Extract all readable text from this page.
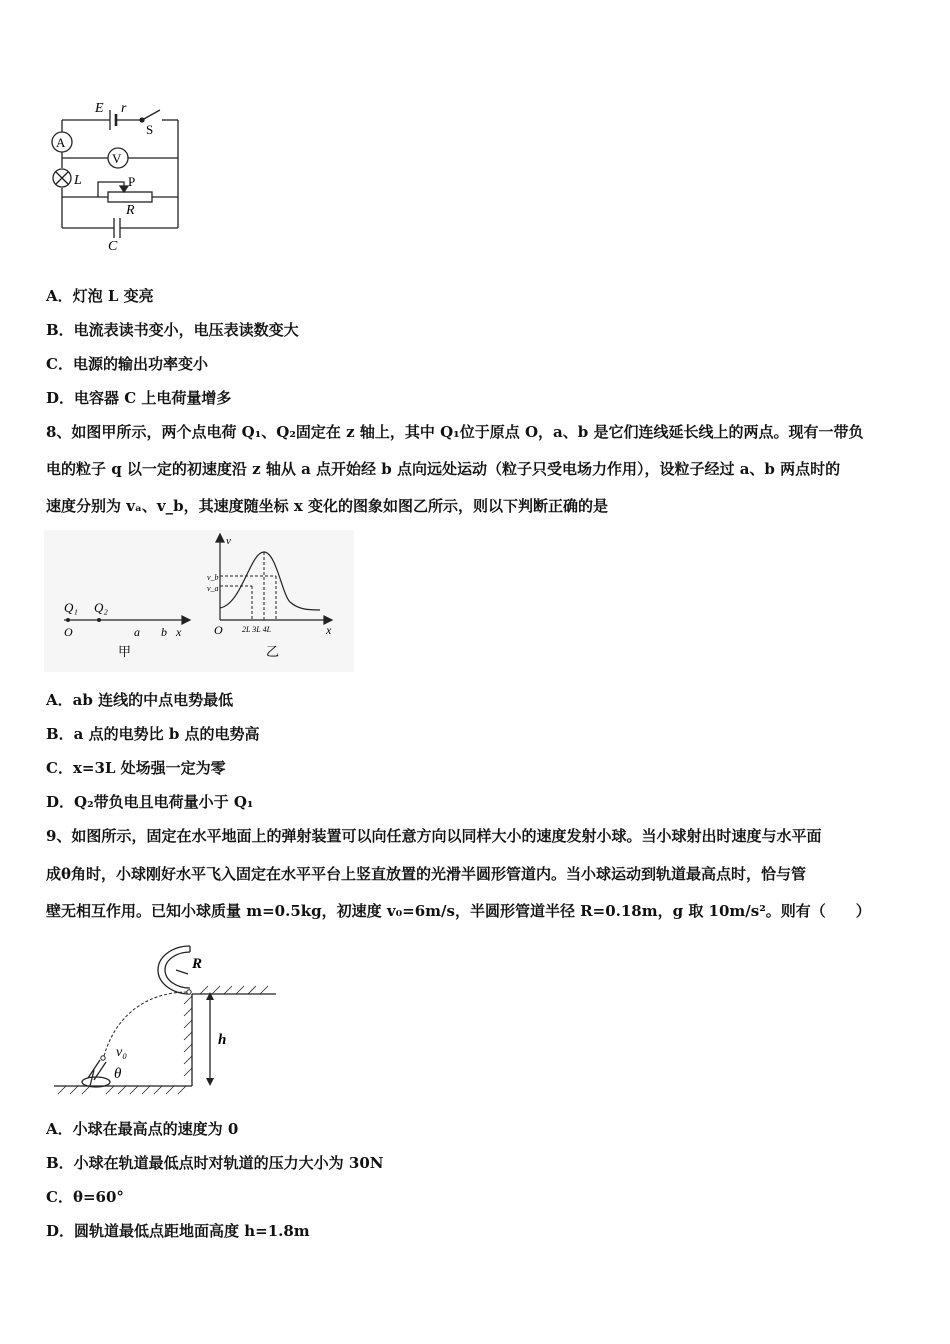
E r
S
A
V
L	P
R
C
A．灯泡 L 变亮
B．电流表读书变小，电压表读数变大
C．电源的输出功率变小
D．电容器 C 上电荷量增多
8、如图甲所示，两个点电荷 Q₁、Q₂固定在 z 轴上，其中 Q₁位于原点 O，a、b 是它们连线延长线上的两点。现有一带负
电的粒子 q 以一定的初速度沿 z 轴从 a 点开始经 b 点向远处运动（粒子只受电场力作用），设粒子经过 a、b 两点时的
速度分别为 vₐ、v_b，其速度随坐标 x 变化的图象如图乙所示，则以下判断正确的是
Q₁ Q₂
O	a b x
甲
v
v_b
v_a
O 2L 3L 4L	x
乙
A．ab 连线的中点电势最低
B．a 点的电势比 b 点的电势高
C．x=3L 处场强一定为零
D．Q₂带负电且电荷量小于 Q₁
9、如图所示，固定在水平地面上的弹射装置可以向任意方向以同样大小的速度发射小球。当小球射出时速度与水平面
成θ角时，小球刚好水平飞入固定在水平平台上竖直放置的光滑半圆形管道内。当小球运动到轨道最高点时，恰与管
壁无相互作用。已知小球质量 m=0.5kg，初速度 v₀=6m/s，半圆形管道半径 R=0.18m，g 取 10m/s²。则有（　　）
R
h
v₀
θ
A．小球在最高点的速度为 0
B．小球在轨道最低点时对轨道的压力大小为 30N
C．θ=60°
D．圆轨道最低点距地面高度 h=1.8m
